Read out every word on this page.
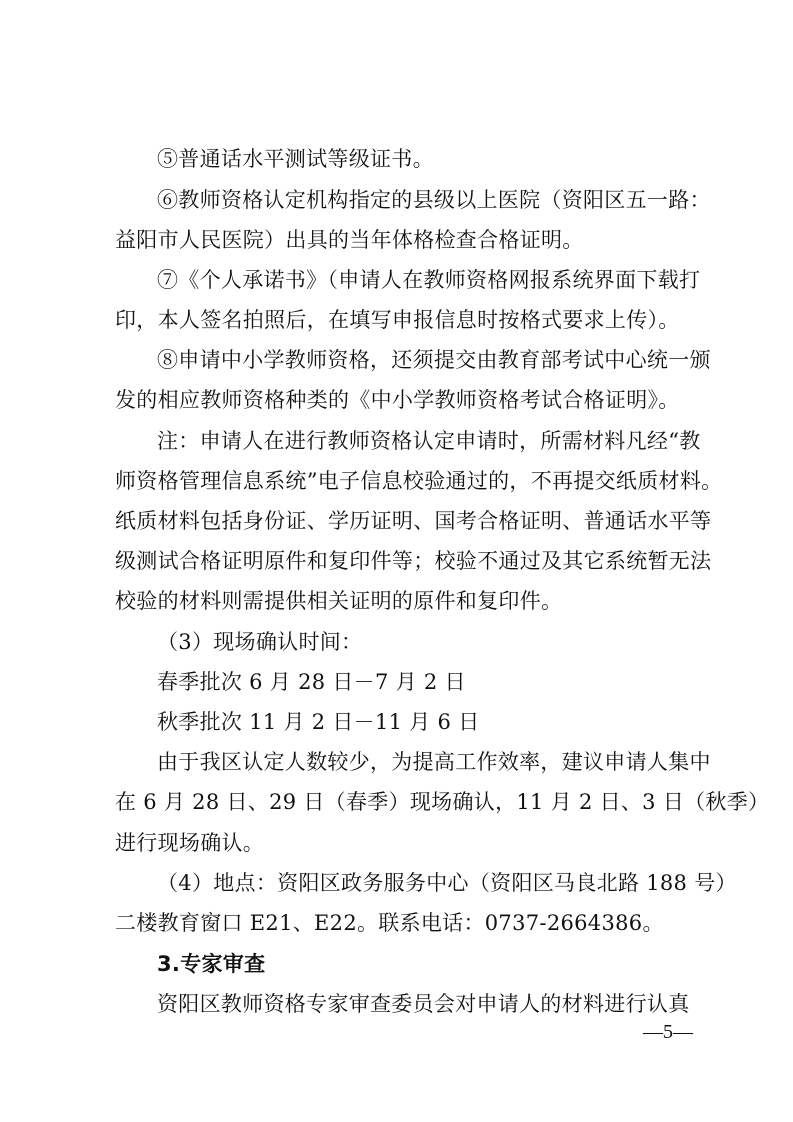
⑤普通话水平测试等级证书。
⑥教师资格认定机构指定的县级以上医院（资阳区五一路：
益阳市人民医院）出具的当年体格检查合格证明。
⑦《个人承诺书》（申请人在教师资格网报系统界面下载打
印，本人签名拍照后，在填写申报信息时按格式要求上传）。
⑧申请中小学教师资格，还须提交由教育部考试中心统一颁
发的相应教师资格种类的《中小学教师资格考试合格证明》。
注：申请人在进行教师资格认定申请时，所需材料凡经“教
师资格管理信息系统”电子信息校验通过的，不再提交纸质材料。
纸质材料包括身份证、学历证明、国考合格证明、普通话水平等
级测试合格证明原件和复印件等；校验不通过及其它系统暂无法
校验的材料则需提供相关证明的原件和复印件。
（3）现场确认时间：
春季批次 6 月 28 日－7 月 2 日
秋季批次 11 月 2 日－11 月 6 日
由于我区认定人数较少，为提高工作效率，建议申请人集中
在 6 月 28 日、29 日（春季）现场确认，11 月 2 日、3 日（秋季）
进行现场确认。
（4）地点：资阳区政务服务中心（资阳区马良北路 188 号）
二楼教育窗口 E21、E22。联系电话：0737-2664386。
3.专家审查
资阳区教师资格专家审查委员会对申请人的材料进行认真
—5—
